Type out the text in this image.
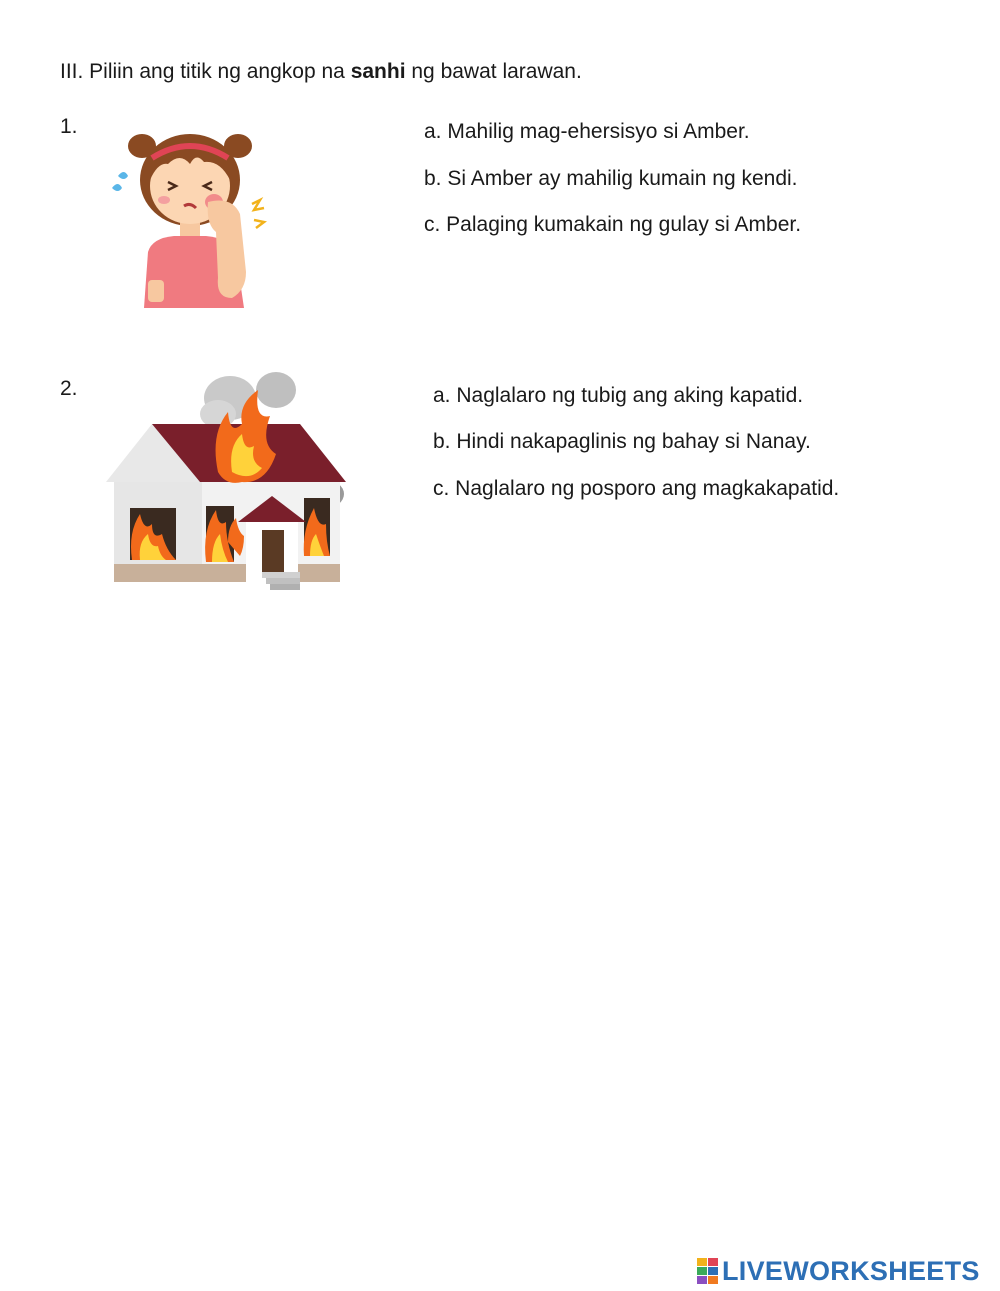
III. Piliin ang titik ng angkop na sanhi ng bawat larawan.
1.	a. Mahilig mag-ehersisyo si Amber.
b. Si Amber ay mahilig kumain ng kendi.
c. Palaging kumakain ng gulay si Amber.
2.	a. Naglalaro ng tubig ang aking kapatid.
b. Hindi nakapaglinis ng bahay si Nanay.
c. Naglalaro ng posporo ang magkakapatid.
LIVEWORKSHEETS
